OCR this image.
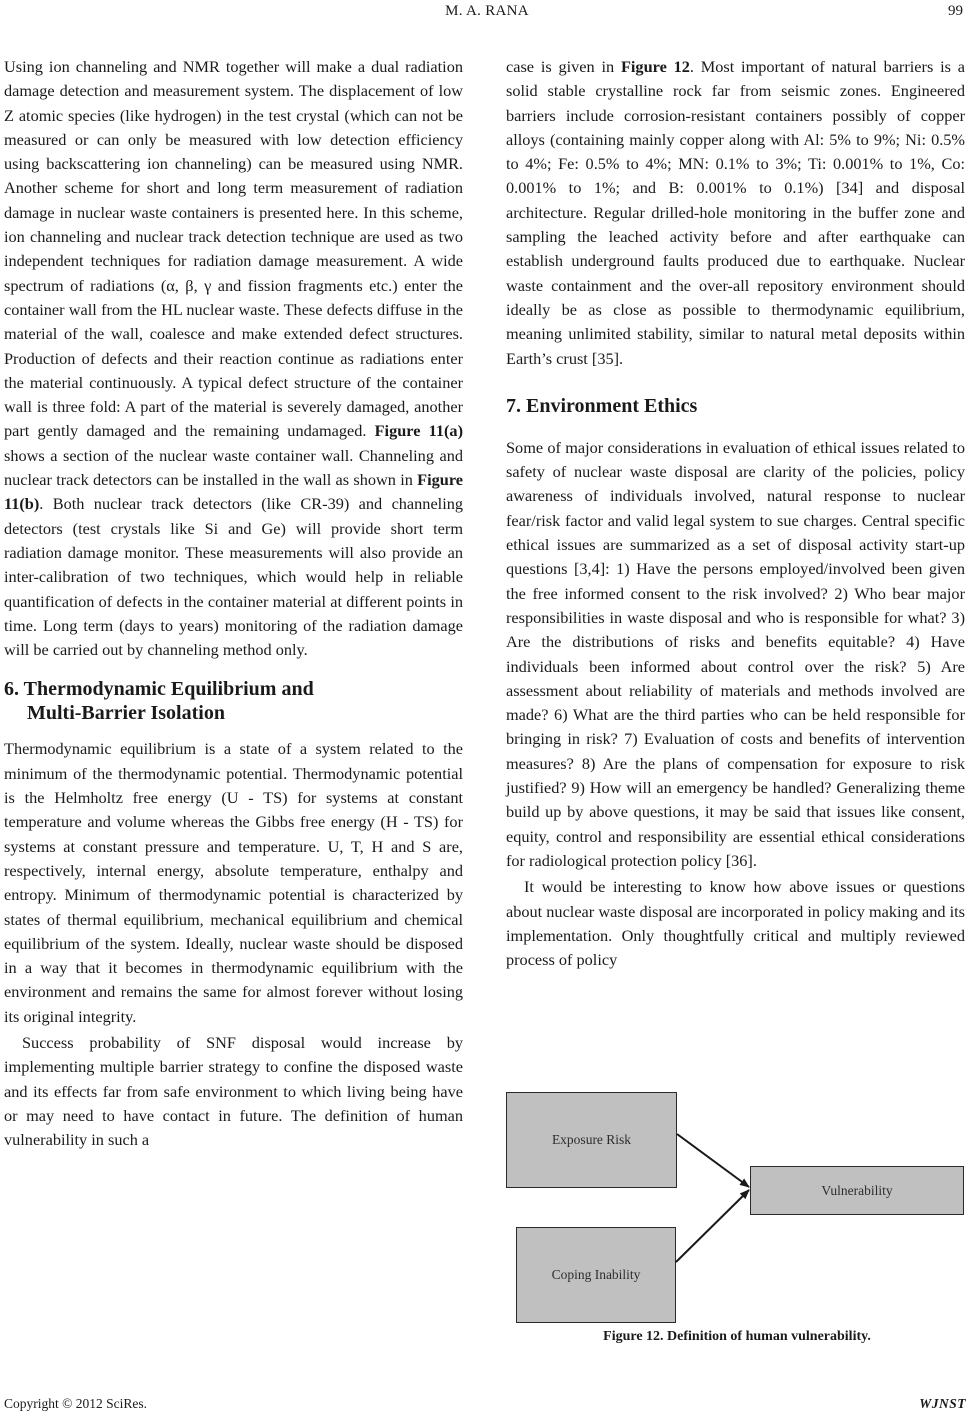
M. A. RANA	99

Using ion channeling and NMR together will make a dual radiation damage detection and measurement system. The displacement of low Z atomic species (like hydrogen) in the test crystal (which can not be measured or can only be measured with low detection efficiency using backscattering ion channeling) can be measured using NMR. Another scheme for short and long term measurement of radiation damage in nuclear waste containers is presented here. In this scheme, ion channeling and nuclear track detection technique are used as two independent techniques for radiation damage measurement. A wide spectrum of radiations (α, β, γ and fission fragments etc.) enter the container wall from the HL nuclear waste. These defects diffuse in the material of the wall, coalesce and make extended defect structures. Production of defects and their reaction continue as radiations enter the material continuously. A typical defect structure of the container wall is three fold: A part of the material is severely damaged, another part gently damaged and the remaining undamaged. Figure 11(a) shows a section of the nuclear waste container wall. Channeling and nuclear track detectors can be installed in the wall as shown in Figure 11(b). Both nuclear track detectors (like CR-39) and channeling detectors (test crystals like Si and Ge) will provide short term radiation damage monitor. These measurements will also provide an inter-calibration of two techniques, which would help in reliable quantification of defects in the container material at different points in time. Long term (days to years) monitoring of the radiation damage will be carried out by channeling method only.

6. Thermodynamic Equilibrium and
Multi-Barrier Isolation

Thermodynamic equilibrium is a state of a system related to the minimum of the thermodynamic potential. Thermodynamic potential is the Helmholtz free energy (U - TS) for systems at constant temperature and volume whereas the Gibbs free energy (H - TS) for systems at constant pressure and temperature. U, T, H and S are, respectively, internal energy, absolute temperature, enthalpy and entropy. Minimum of thermodynamic potential is characterized by states of thermal equilibrium, mechanical equilibrium and chemical equilibrium of the system. Ideally, nuclear waste should be disposed in a way that it becomes in thermodynamic equilibrium with the environment and remains the same for almost forever without losing its original integrity.

Success probability of SNF disposal would increase by implementing multiple barrier strategy to confine the disposed waste and its effects far from safe environment to which living being have or may need to have contact in future. The definition of human vulnerability in such a

case is given in Figure 12. Most important of natural barriers is a solid stable crystalline rock far from seismic zones. Engineered barriers include corrosion-resistant containers possibly of copper alloys (containing mainly copper along with Al: 5% to 9%; Ni: 0.5% to 4%; Fe: 0.5% to 4%; MN: 0.1% to 3%; Ti: 0.001% to 1%, Co: 0.001% to 1%; and B: 0.001% to 0.1%) [34] and disposal architecture. Regular drilled-hole monitoring in the buffer zone and sampling the leached activity before and after earthquake can establish underground faults produced due to earthquake. Nuclear waste containment and the over-all repository environment should ideally be as close as possible to thermodynamic equilibrium, meaning unlimited stability, similar to natural metal deposits within Earth’s crust [35].

7. Environment Ethics

Some of major considerations in evaluation of ethical issues related to safety of nuclear waste disposal are clarity of the policies, policy awareness of individuals involved, natural response to nuclear fear/risk factor and valid legal system to sue charges. Central specific ethical issues are summarized as a set of disposal activity start-up questions [3,4]: 1) Have the persons employed/involved been given the free informed consent to the risk involved? 2) Who bear major responsibilities in waste disposal and who is responsible for what? 3) Are the distributions of risks and benefits equitable? 4) Have individuals been informed about control over the risk? 5) Are assessment about reliability of materials and methods involved are made? 6) What are the third parties who can be held responsible for bringing in risk? 7) Evaluation of costs and benefits of intervention measures? 8) Are the plans of compensation for exposure to risk justified? 9) How will an emergency be handled? Generalizing theme build up by above questions, it may be said that issues like consent, equity, control and responsibility are essential ethical considerations for radiological protection policy [36].

It would be interesting to know how above issues or questions about nuclear waste disposal are incorporated in policy making and its implementation. Only thoughtfully critical and multiply reviewed process of policy

Exposure Risk
Coping Inability
Vulnerability
Figure 12. Definition of human vulnerability.
Copyright © 2012 SciRes.	WJNST
